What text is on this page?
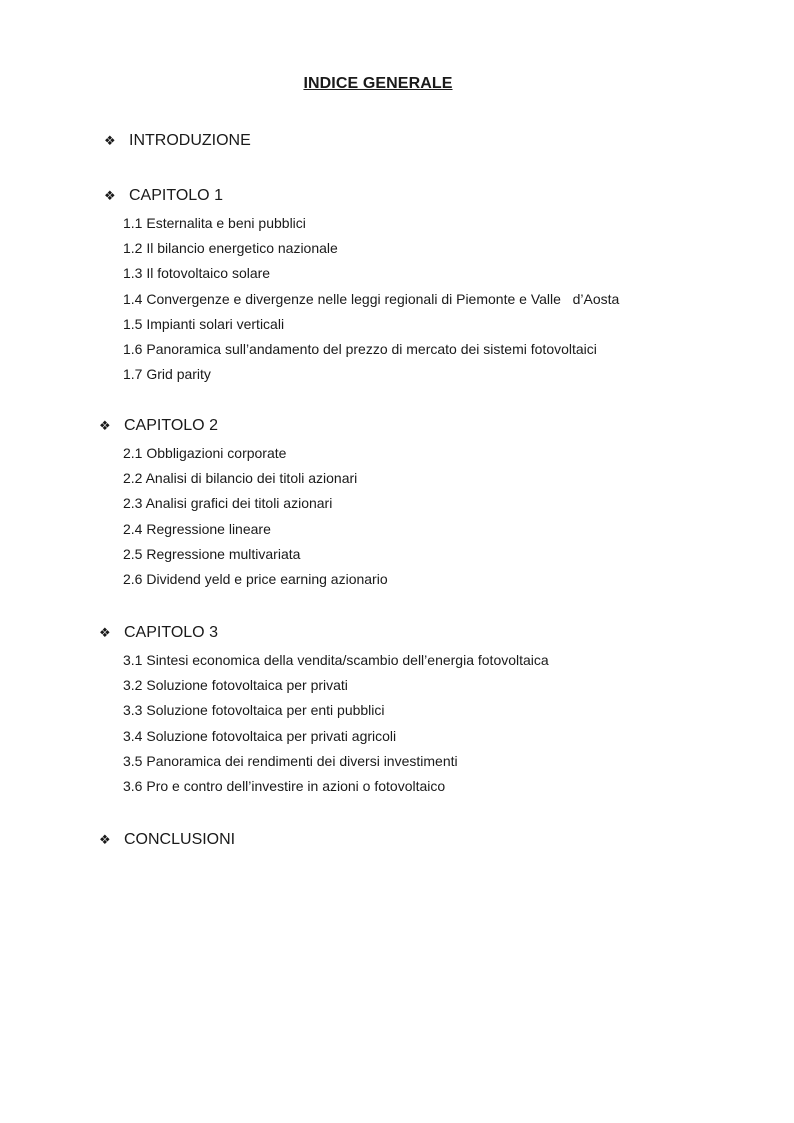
INDICE GENERALE
❖ INTRODUZIONE
❖ CAPITOLO 1
1.1 Esternalita e beni pubblici
1.2 Il bilancio energetico nazionale
1.3 Il fotovoltaico solare
1.4 Convergenze e divergenze nelle leggi regionali di Piemonte e Valle   d’Aosta
1.5 Impianti solari verticali
1.6 Panoramica sull’andamento del prezzo di mercato dei sistemi fotovoltaici
1.7 Grid parity
❖ CAPITOLO 2
2.1 Obbligazioni corporate
2.2 Analisi di bilancio dei titoli azionari
2.3 Analisi grafici dei titoli azionari
2.4 Regressione lineare
2.5 Regressione multivariata
2.6 Dividend yeld e price earning azionario
❖ CAPITOLO 3
3.1 Sintesi economica della vendita/scambio dell’energia fotovoltaica
3.2 Soluzione fotovoltaica per privati
3.3 Soluzione fotovoltaica per enti pubblici
3.4 Soluzione fotovoltaica per privati agricoli
3.5 Panoramica dei rendimenti dei diversi investimenti
3.6 Pro e contro dell’investire in azioni o fotovoltaico
❖ CONCLUSIONI
